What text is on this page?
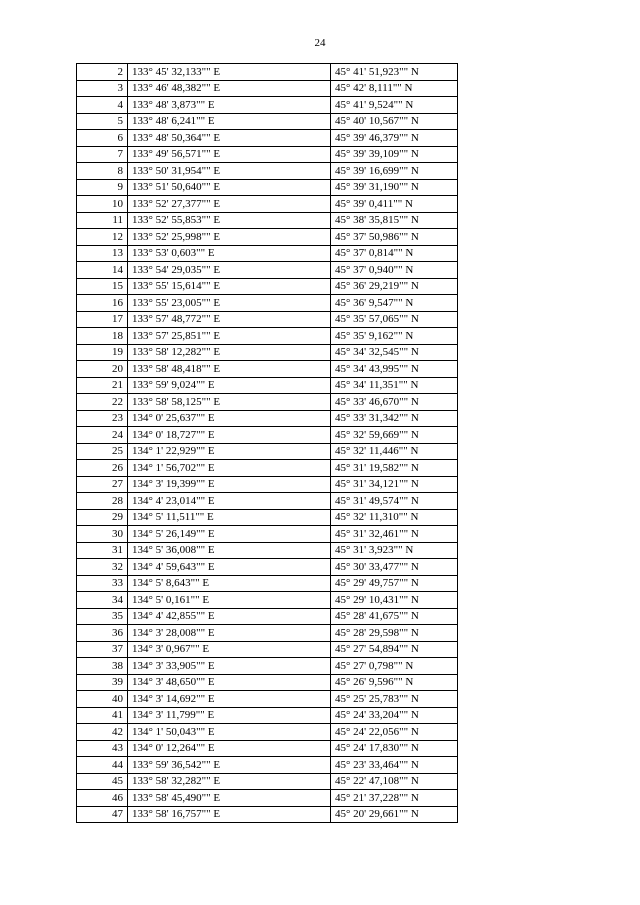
24
2	133° 45' 32,133"" E	45° 41' 51,923"" N
3	133° 46' 48,382"" E	45° 42' 8,111"" N
4	133° 48' 3,873"" E	45° 41' 9,524"" N
5	133° 48' 6,241"" E	45° 40' 10,567"" N
6	133° 48' 50,364"" E	45° 39' 46,379"" N
7	133° 49' 56,571"" E	45° 39' 39,109"" N
8	133° 50' 31,954"" E	45° 39' 16,699"" N
9	133° 51' 50,640"" E	45° 39' 31,190"" N
10	133° 52' 27,377"" E	45° 39' 0,411"" N
11	133° 52' 55,853"" E	45° 38' 35,815"" N
12	133° 52' 25,998"" E	45° 37' 50,986"" N
13	133° 53' 0,603"" E	45° 37' 0,814"" N
14	133° 54' 29,035"" E	45° 37' 0,940"" N
15	133° 55' 15,614"" E	45° 36' 29,219"" N
16	133° 55' 23,005"" E	45° 36' 9,547"" N
17	133° 57' 48,772"" E	45° 35' 57,065"" N
18	133° 57' 25,851"" E	45° 35' 9,162"" N
19	133° 58' 12,282"" E	45° 34' 32,545"" N
20	133° 58' 48,418"" E	45° 34' 43,995"" N
21	133° 59' 9,024"" E	45° 34' 11,351"" N
22	133° 58' 58,125"" E	45° 33' 46,670"" N
23	134° 0' 25,637"" E	45° 33' 31,342"" N
24	134° 0' 18,727"" E	45° 32' 59,669"" N
25	134° 1' 22,929"" E	45° 32' 11,446"" N
26	134° 1' 56,702"" E	45° 31' 19,582"" N
27	134° 3' 19,399"" E	45° 31' 34,121"" N
28	134° 4' 23,014"" E	45° 31' 49,574"" N
29	134° 5' 11,511"" E	45° 32' 11,310"" N
30	134° 5' 26,149"" E	45° 31' 32,461"" N
31	134° 5' 36,008"" E	45° 31' 3,923"" N
32	134° 4' 59,643"" E	45° 30' 33,477"" N
33	134° 5' 8,643"" E	45° 29' 49,757"" N
34	134° 5' 0,161"" E	45° 29' 10,431"" N
35	134° 4' 42,855"" E	45° 28' 41,675"" N
36	134° 3' 28,008"" E	45° 28' 29,598"" N
37	134° 3' 0,967"" E	45° 27' 54,894"" N
38	134° 3' 33,905"" E	45° 27' 0,798"" N
39	134° 3' 48,650"" E	45° 26' 9,596"" N
40	134° 3' 14,692"" E	45° 25' 25,783"" N
41	134° 3' 11,799"" E	45° 24' 33,204"" N
42	134° 1' 50,043"" E	45° 24' 22,056"" N
43	134° 0' 12,264"" E	45° 24' 17,830"" N
44	133° 59' 36,542"" E	45° 23' 33,464"" N
45	133° 58' 32,282"" E	45° 22' 47,108"" N
46	133° 58' 45,490"" E	45° 21' 37,228"" N
47	133° 58' 16,757"" E	45° 20' 29,661"" N
